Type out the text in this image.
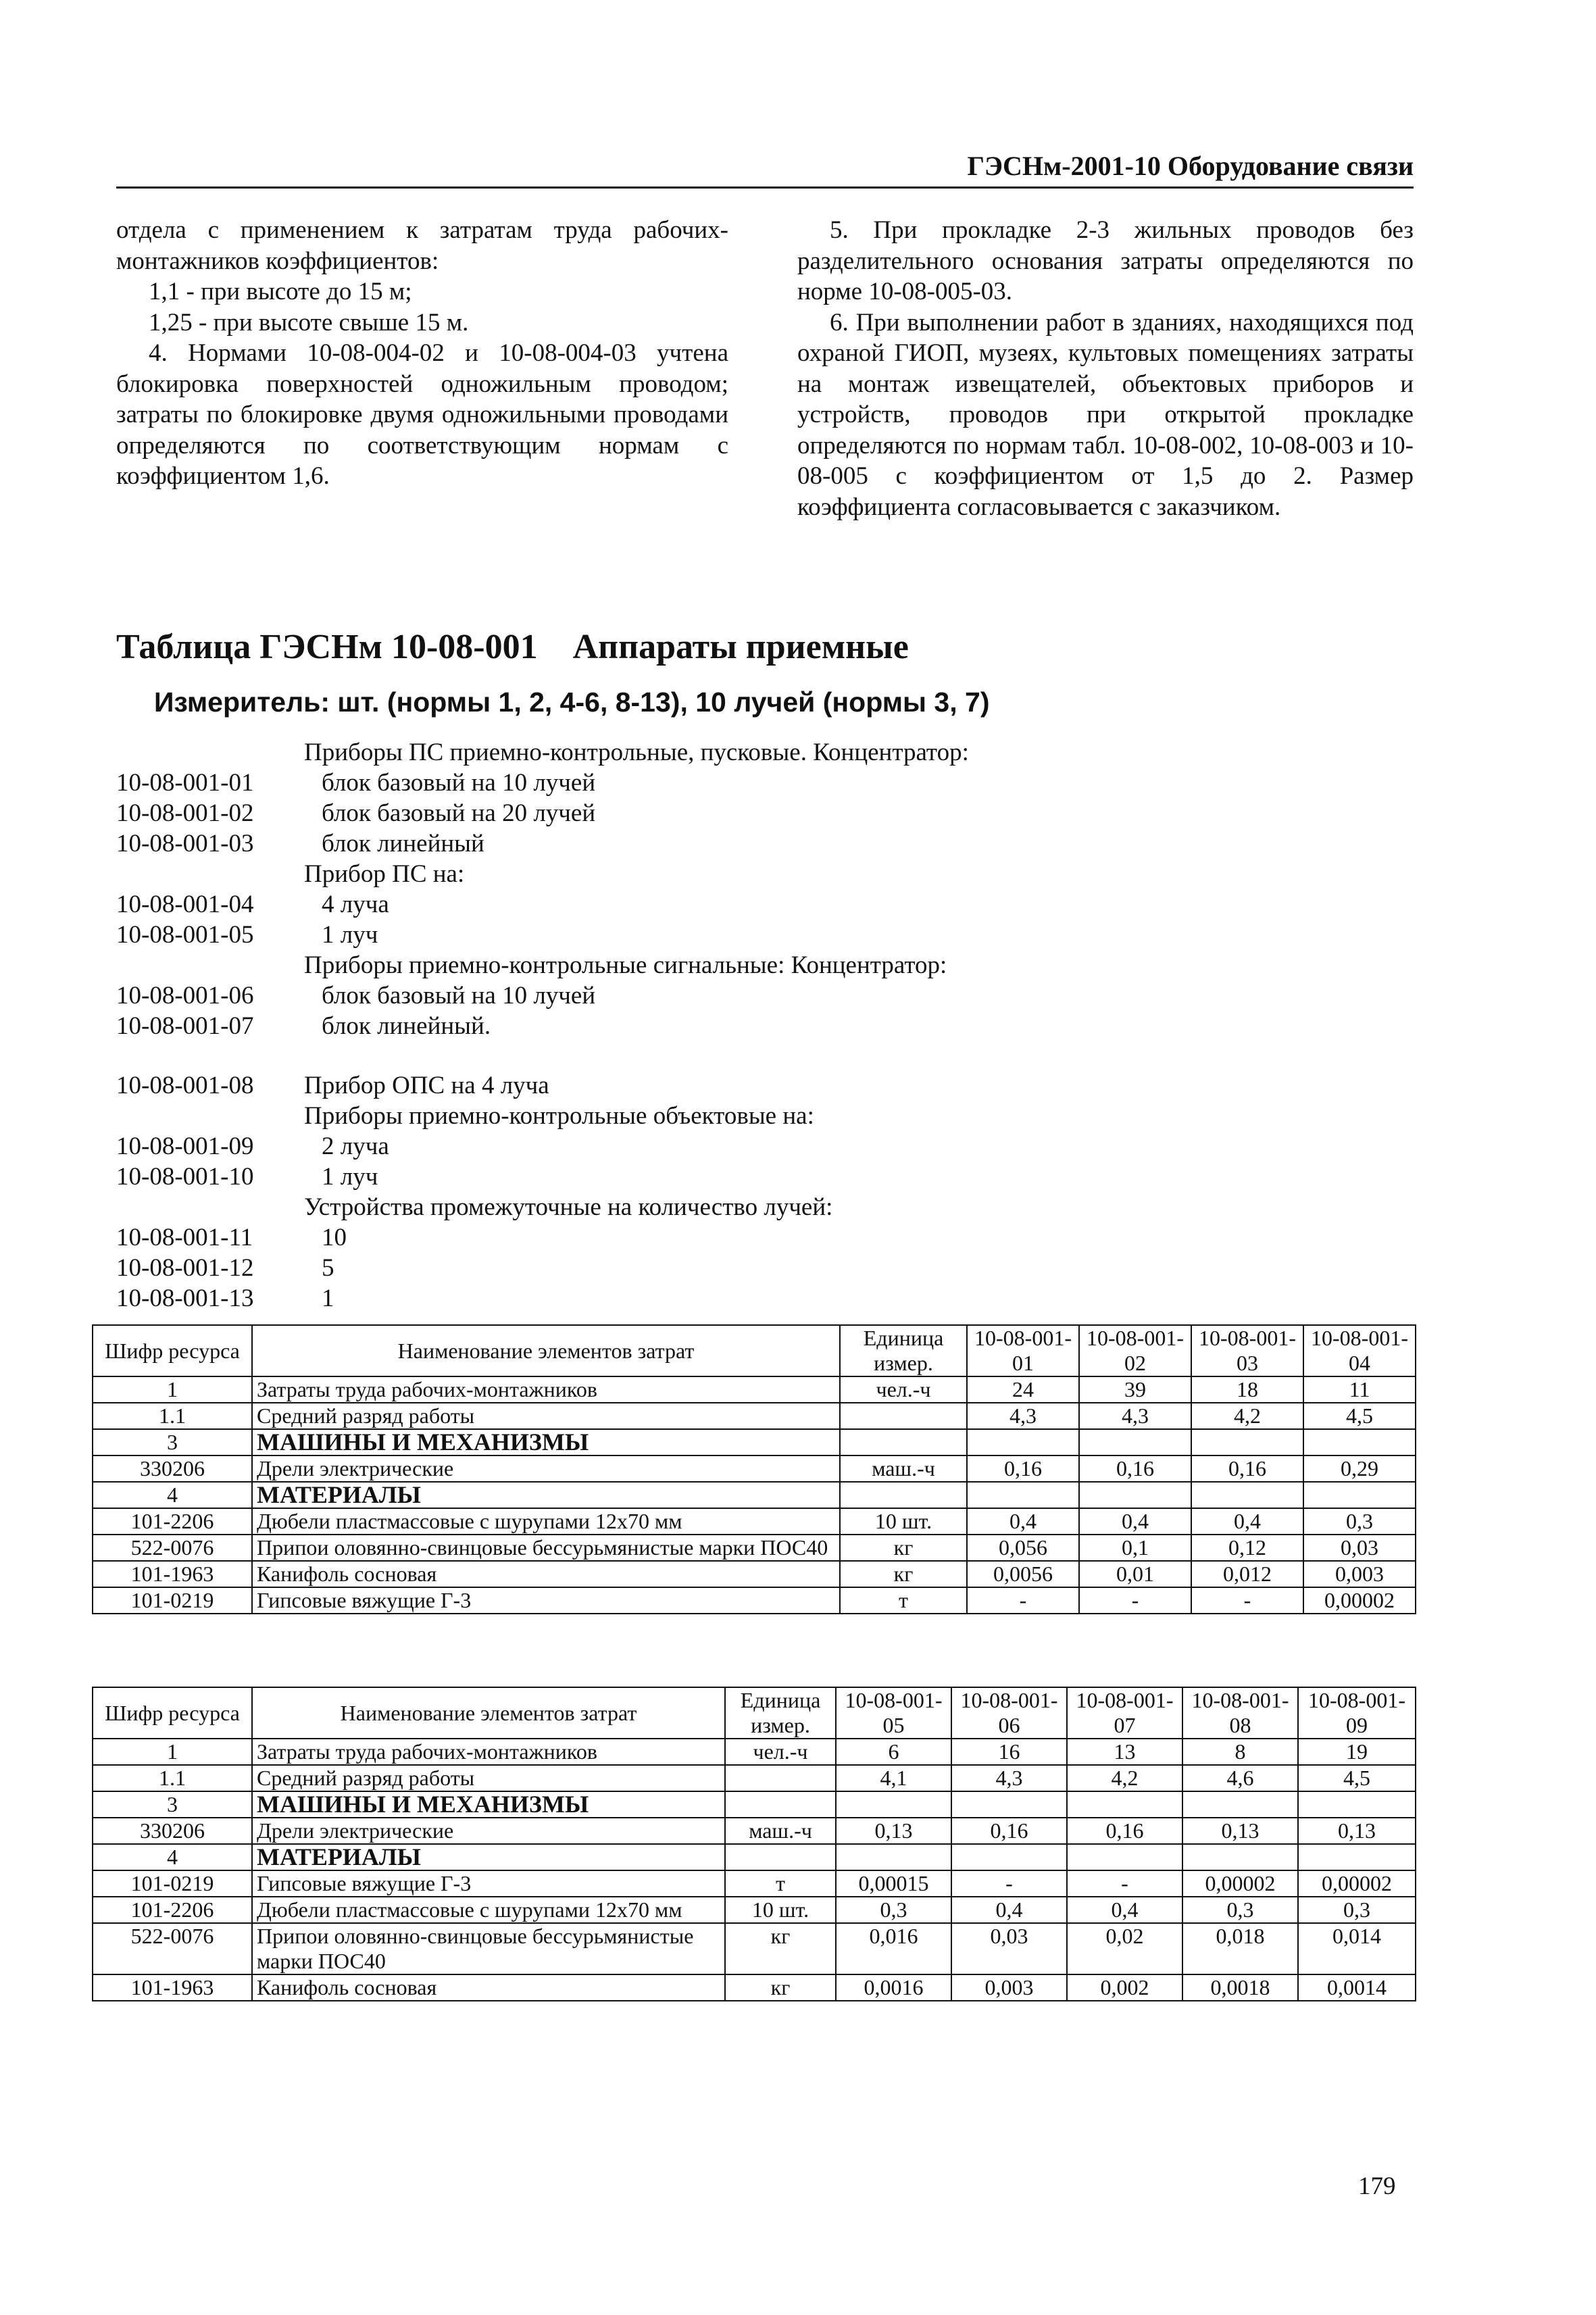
ГЭСНм-2001-10 Оборудование связи

отдела с применением к затратам труда рабочих-монтажников коэффициентов:

1,1 - при высоте до 15 м;

1,25 - при высоте свыше 15 м.

4. Нормами 10-08-004-02 и 10-08-004-03 учтена блокировка поверхностей одножильным проводом; затраты по блокировке двумя одножильными проводами определяются по соответствующим нормам с коэффициентом 1,6.

5. При прокладке 2-3 жильных проводов без разделительного основания затраты определяются по норме 10-08-005-03.

6. При выполнении работ в зданиях, находящихся под охраной ГИОП, музеях, культовых помещениях затраты на монтаж извещателей, объектовых приборов и устройств, проводов при открытой прокладке определяются по нормам табл. 10-08-002, 10-08-003 и 10-08-005 с коэффициентом от 1,5 до 2. Размер коэффициента согласовывается с заказчиком.

Таблица ГЭСНм 10-08-001 Аппараты приемные
Измеритель: шт. (нормы 1, 2, 4-6, 8-13), 10 лучей (нормы 3, 7)
Приборы ПС приемно-контрольные, пусковые. Концентратор:
10-08-001-01	блок базовый на 10 лучей
10-08-001-02	блок базовый на 20 лучей
10-08-001-03	блок линейный
Прибор ПС на:
10-08-001-04	4 луча
10-08-001-05	1 луч
Приборы приемно-контрольные сигнальные: Концентратор:
10-08-001-06	блок базовый на 10 лучей
10-08-001-07	блок линейный.
10-08-001-08	Прибор ОПС на 4 луча
Приборы приемно-контрольные объектовые на:
10-08-001-09	2 луча
10-08-001-10	1 луч
Устройства промежуточные на количество лучей:
10-08-001-11	10
10-08-001-12	5
10-08-001-13	1
Шифр ресурса	Наименование элементов затрат	Единица измер.	10-08-001-01	10-08-001-02	10-08-001-03	10-08-001-04
1	Затраты труда рабочих-монтажников	чел.-ч	24	39	18	11
1.1	Средний разряд работы		4,3	4,3	4,2	4,5
3	МАШИНЫ И МЕХАНИЗМЫ					
330206	Дрели электрические	маш.-ч	0,16	0,16	0,16	0,29
4	МАТЕРИАЛЫ					
101-2206	Дюбели пластмассовые с шурупами 12х70 мм	10 шт.	0,4	0,4	0,4	0,3
522-0076	Припои оловянно-свинцовые бессурьмянистые марки ПОС40	кг	0,056	0,1	0,12	0,03
101-1963	Канифоль сосновая	кг	0,0056	0,01	0,012	0,003
101-0219	Гипсовые вяжущие Г-3	т	-	-	-	0,00002
Шифр ресурса	Наименование элементов затрат	Единица измер.	10-08-001-05	10-08-001-06	10-08-001-07	10-08-001-08	10-08-001-09
1	Затраты труда рабочих-монтажников	чел.-ч	6	16	13	8	19
1.1	Средний разряд работы		4,1	4,3	4,2	4,6	4,5
3	МАШИНЫ И МЕХАНИЗМЫ						
330206	Дрели электрические	маш.-ч	0,13	0,16	0,16	0,13	0,13
4	МАТЕРИАЛЫ						
101-0219	Гипсовые вяжущие Г-3	т	0,00015	-	-	0,00002	0,00002
101-2206	Дюбели пластмассовые с шурупами 12х70 мм	10 шт.	0,3	0,4	0,4	0,3	0,3
522-0076	Припои оловянно-свинцовые бессурьмянистые марки ПОС40	кг	0,016	0,03	0,02	0,018	0,014
101-1963	Канифоль сосновая	кг	0,0016	0,003	0,002	0,0018	0,0014
179
